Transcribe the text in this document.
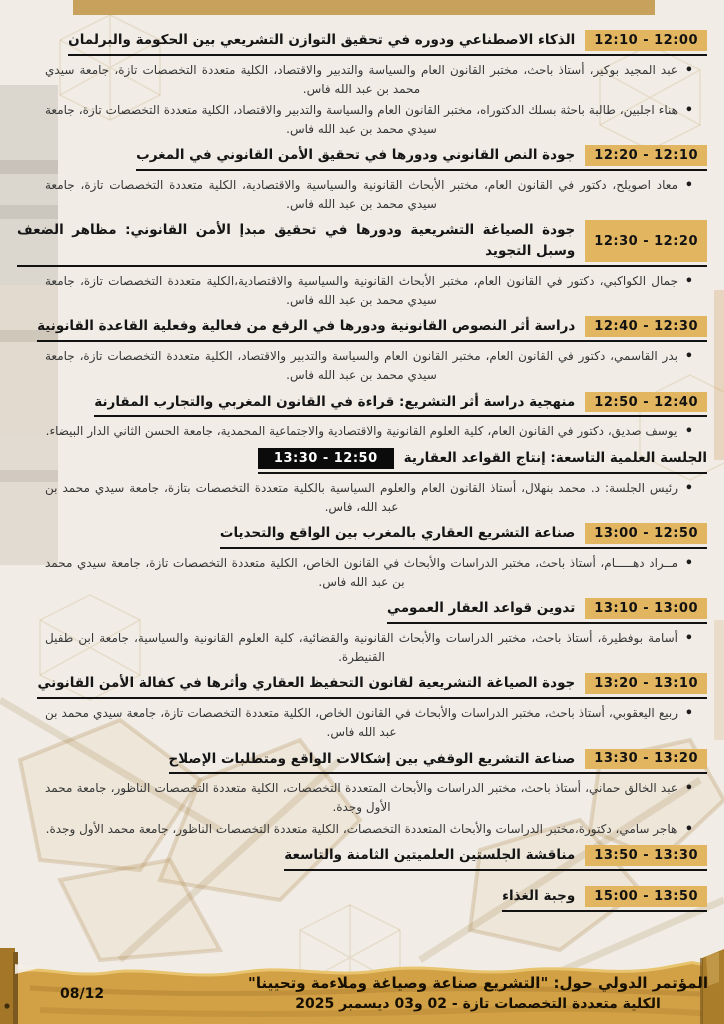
12:10 - 12:00
الذكاء الاصطناعي ودوره في تحقيق التوازن التشريعي بين الحكومة والبرلمان
• عبد المجيد بوكير، أستاذ باحث، مختبر القانون العام والسياسة والتدبير والاقتصاد، الكلية متعددة التخصصات تازة، جامعة سيدي محمد بن عبد الله فاس.
• هناء اجلبين، طالبة باحثة بسلك الدكتوراه، مختبر القانون العام والسياسة والتدبير والاقتصاد، الكلية متعددة التخصصات تازة، جامعة سيدي محمد بن عبد الله فاس.
12:20 - 12:10
جودة النص القانوني ودورها في تحقيق الأمن القانوني في المغرب
• معاد اصويلح، دكتور في القانون العام، مختبر الأبحاث القانونية والسياسية والاقتصادية، الكلية متعددة التخصصات تازة، جامعة سيدي محمد بن عبد الله فاس.
12:30 - 12:20
جودة الصياغة التشريعية ودورها في تحقيق مبدإ الأمن القانوني: مظاهر الضعف وسبل التجويد
• جمال الكواكبي، دكتور في القانون العام، مختبر الأبحاث القانونية والسياسية والاقتصادية،الكلية متعددة التخصصات تازة، جامعة سيدي محمد بن عبد الله فاس.
12:40 - 12:30
دراسة أثر النصوص القانونية ودورها في الرفع من فعالية وفعلية القاعدة القانونية
• بدر القاسمي، دكتور في القانون العام، مختبر القانون العام والسياسة والتدبير والاقتصاد، الكلية متعددة التخصصات تازة، جامعة سيدي محمد بن عبد الله فاس.
12:50 - 12:40
منهجية دراسة أثر التشريع: قراءة في القانون المغربي والتجارب المقارنة
• يوسف صديق، دكتور في القانون العام، كلية العلوم القانونية والاقتصادية والاجتماعية المحمدية، جامعة الحسن الثاني الدار البيضاء.
الجلسة العلمية التاسعة: إنتاج القواعد العقارية
13:30 - 12:50
• رئيس الجلسة: د. محمد بنهلال، أستاذ القانون العام والعلوم السياسية بالكلية متعددة التخصصات بتازة، جامعة سيدي محمد بن عبد الله، فاس.
13:00 - 12:50
صناعة التشريع العقاري بالمغرب بين الواقع والتحديات
• مــراد دهـــــام، أستاذ باحث، مختبر الدراسات والأبحاث في القانون الخاص، الكلية متعددة التخصصات تازة، جامعة سيدي محمد بن عبد الله فاس.
13:10 - 13:00
تدوين قواعد العقار العمومي
• أسامة بوفطيرة، أستاذ باحث، مختبر الدراسات والأبحاث القانونية والقضائية، كلية العلوم القانونية والسياسية، جامعة ابن طفيل القنيطرة.
13:20 - 13:10
جودة الصياغة التشريعية لقانون التحفيظ العقاري وأثرها في كفالة الأمن القانوني
• ربيع اليعقوبي، أستاذ باحث، مختبر الدراسات والأبحاث في القانون الخاص، الكلية متعددة التخصصات تازة، جامعة سيدي محمد بن عبد الله فاس.
13:30 - 13:20
صناعة التشريع الوقفي بين إشكالات الواقع ومتطلبات الإصلاح
• عبد الخالق حماني، أستاذ باحث، مختبر الدراسات والأبحاث المتعددة التخصصات، الكلية متعددة التخصصات الناظور، جامعة محمد الأول وجدة.
• هاجر سامي، دكتورة،مختبر الدراسات والأبحاث المتعددة التخصصات، الكلية متعددة التخصصات الناظور، جامعة محمد الأول وجدة.
13:50 - 13:30
مناقشة الجلستين العلميتين الثامنة والتاسعة
15:00 - 13:50
وجبة الغذاء
المؤتمر الدولي حول: "التشريع صناعة وصياغة وملاءمة وتحيينا"
الكلية متعددة التخصصات تازة - 02 و03 ديسمبر 2025
08/12
